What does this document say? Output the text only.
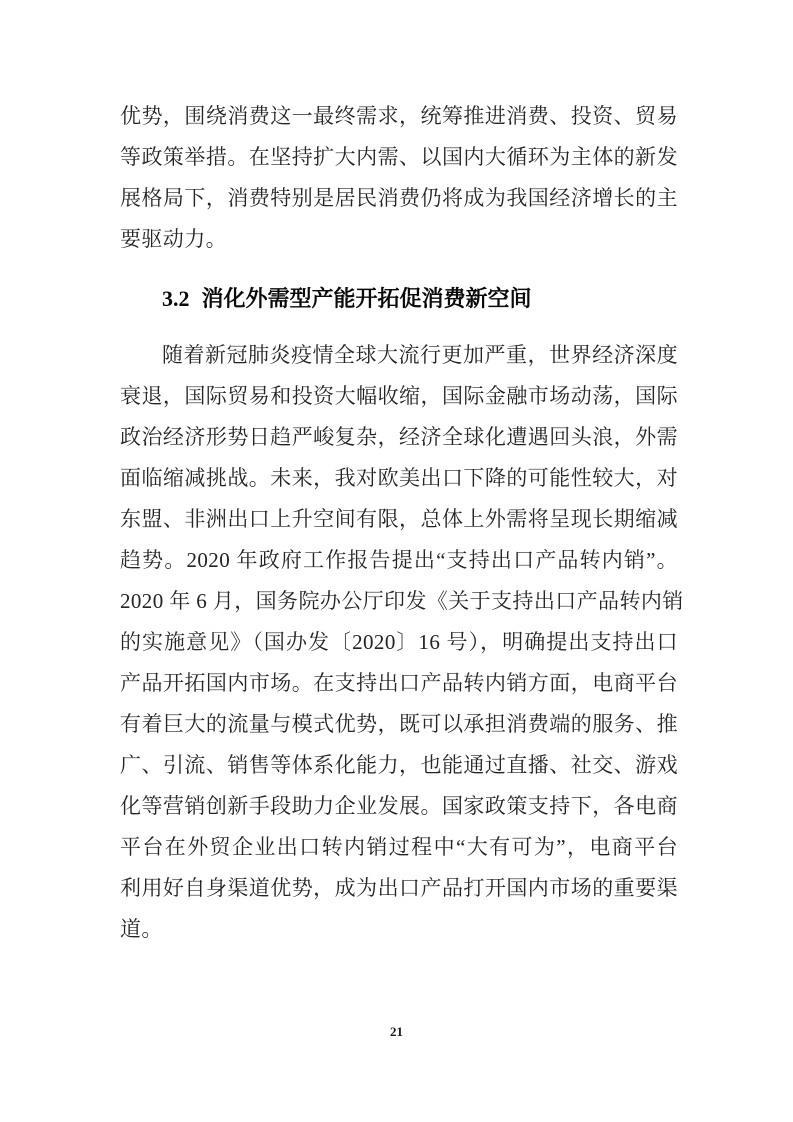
优势，围绕消费这一最终需求，统筹推进消费、投资、贸易
等政策举措。在坚持扩大内需、以国内大循环为主体的新发
展格局下，消费特别是居民消费仍将成为我国经济增长的主
要驱动力。
3.2 消化外需型产能开拓促消费新空间
随着新冠肺炎疫情全球大流行更加严重，世界经济深度
衰退，国际贸易和投资大幅收缩，国际金融市场动荡，国际
政治经济形势日趋严峻复杂，经济全球化遭遇回头浪，外需
面临缩减挑战。未来，我对欧美出口下降的可能性较大，对
东盟、非洲出口上升空间有限，总体上外需将呈现长期缩减
趋势。2020 年政府工作报告提出“支持出口产品转内销”。
2020 年 6 月，国务院办公厅印发《关于支持出口产品转内销
的实施意见》（国办发〔2020〕16 号），明确提出支持出口
产品开拓国内市场。在支持出口产品转内销方面，电商平台
有着巨大的流量与模式优势，既可以承担消费端的服务、推
广、引流、销售等体系化能力，也能通过直播、社交、游戏
化等营销创新手段助力企业发展。国家政策支持下，各电商
平台在外贸企业出口转内销过程中“大有可为”，电商平台
利用好自身渠道优势，成为出口产品打开国内市场的重要渠
道。
21
